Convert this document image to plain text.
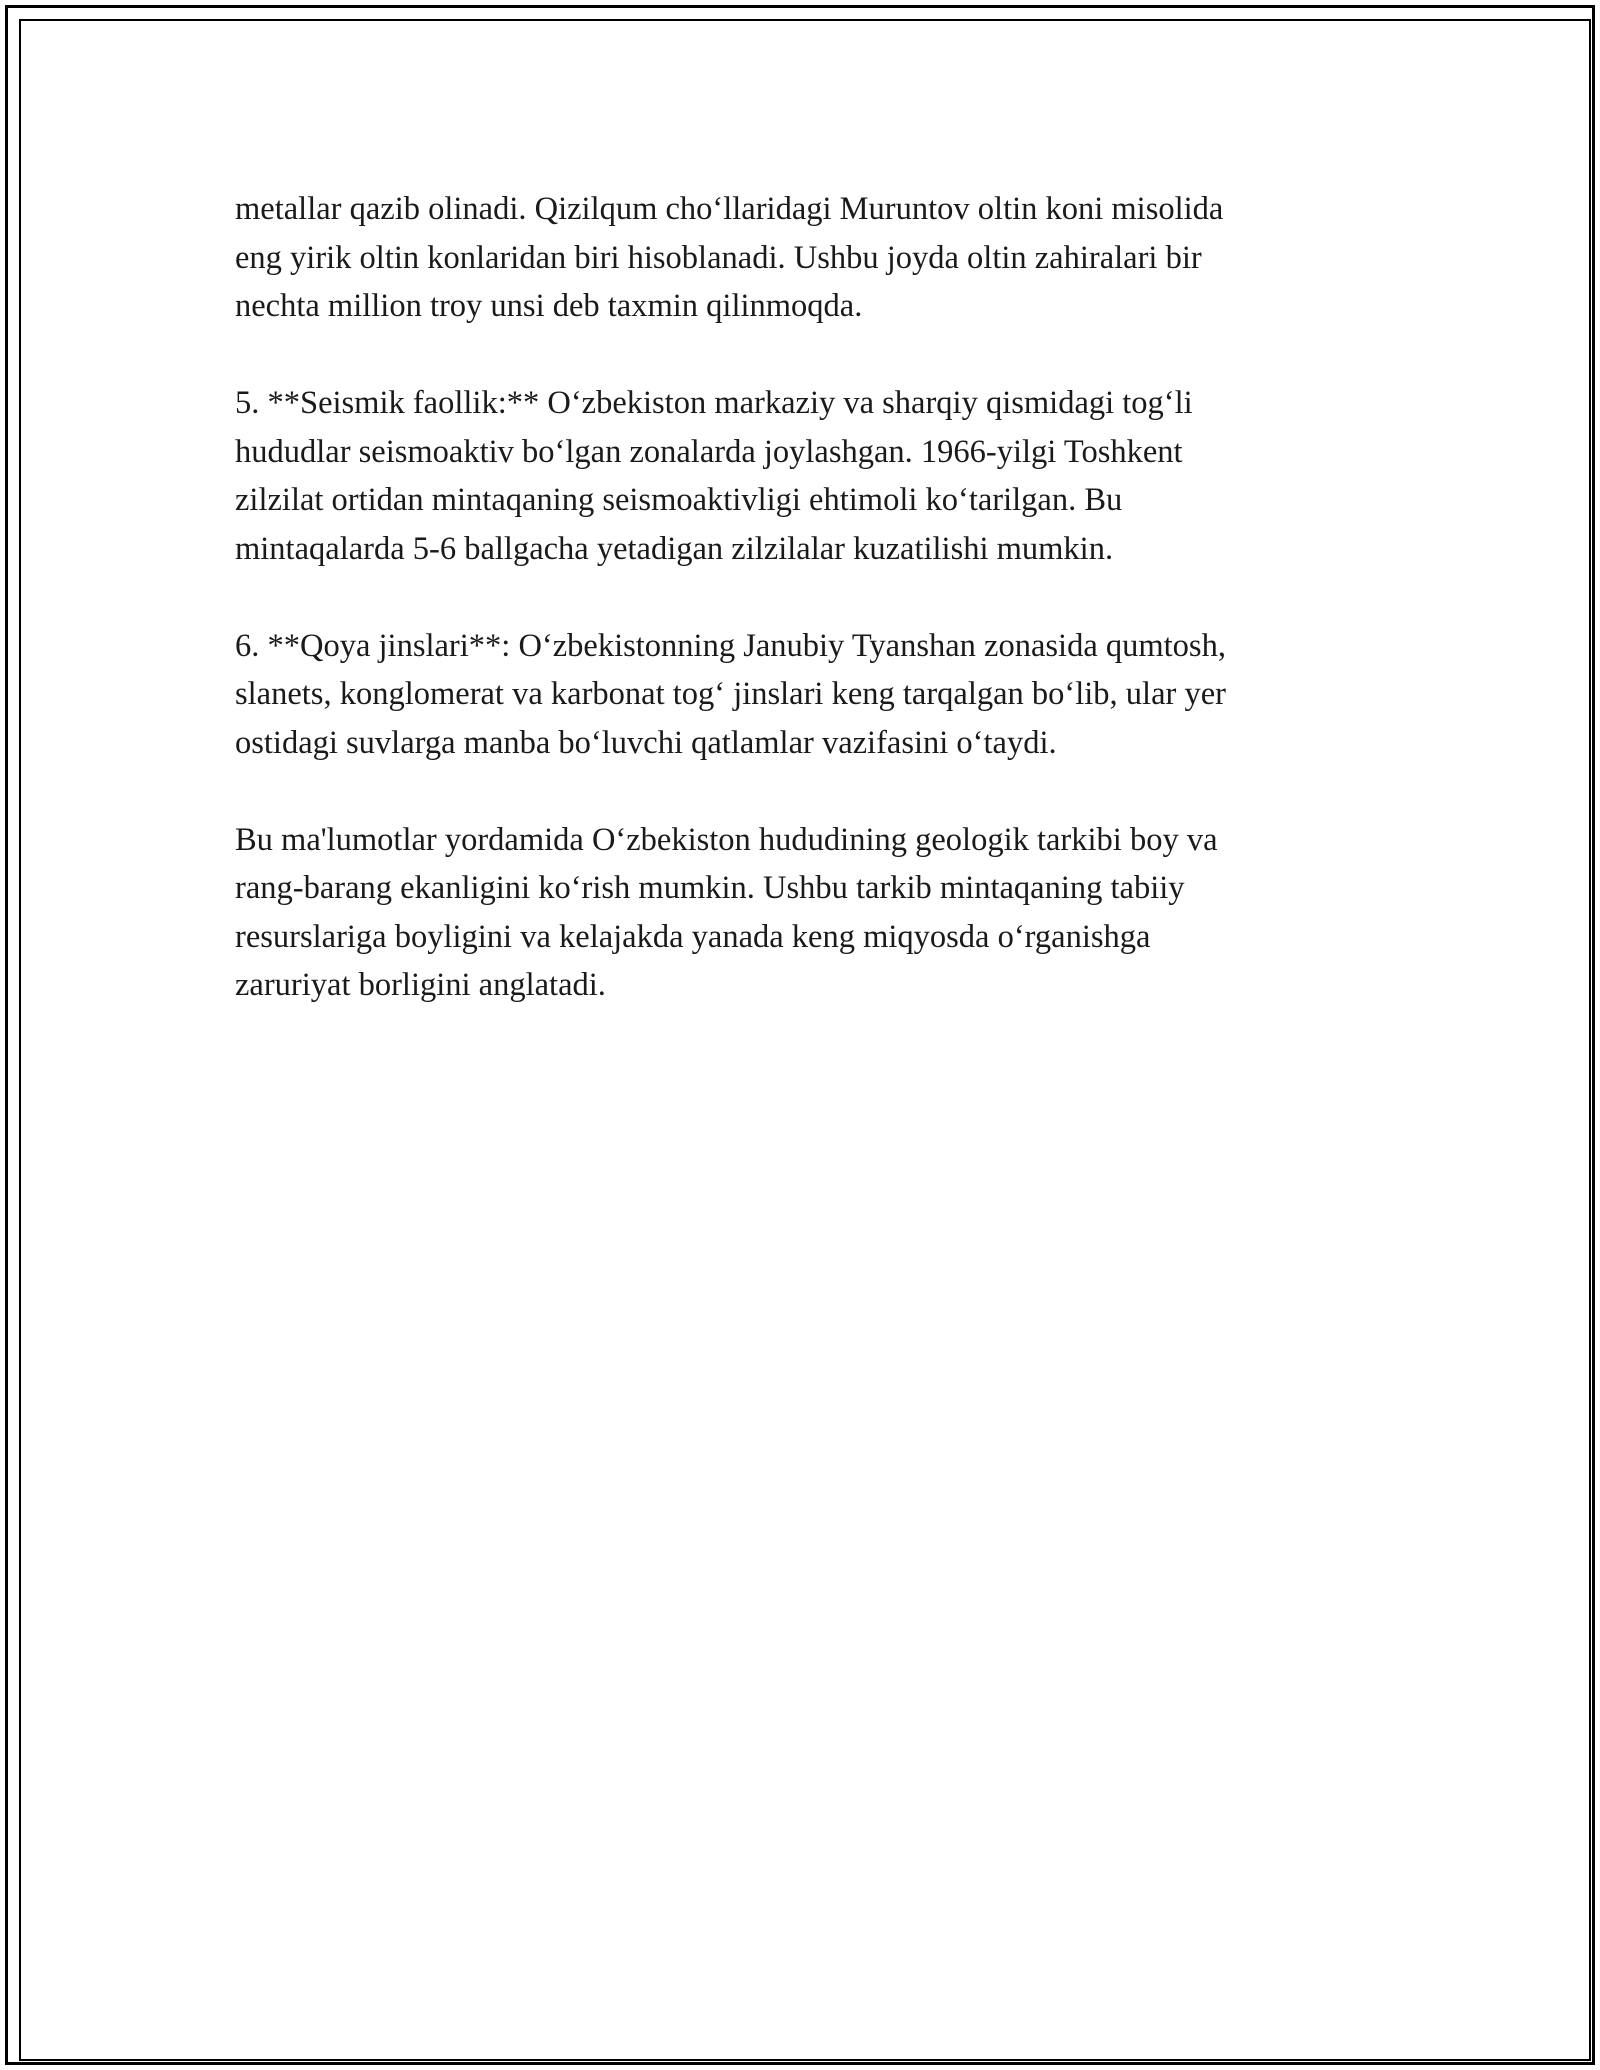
metallar qazib olinadi. Qizilqum cho‘llaridagi Muruntov oltin koni misolida
eng yirik oltin konlaridan biri hisoblanadi. Ushbu joyda oltin zahiralari bir
nechta million troy unsi deb taxmin qilinmoqda.

5. **Seismik faollik:** O‘zbekiston markaziy va sharqiy qismidagi tog‘li
hududlar seismoaktiv bo‘lgan zonalarda joylashgan. 1966-yilgi Toshkent
zilzilat ortidan mintaqaning seismoaktivligi ehtimoli ko‘tarilgan. Bu
mintaqalarda 5-6 ballgacha yetadigan zilzilalar kuzatilishi mumkin.

6. **Qoya jinslari**: O‘zbekistonning Janubiy Tyanshan zonasida qumtosh,
slanets, konglomerat va karbonat tog‘ jinslari keng tarqalgan bo‘lib, ular yer
ostidagi suvlarga manba bo‘luvchi qatlamlar vazifasini o‘taydi.

Bu ma'lumotlar yordamida O‘zbekiston hududining geologik tarkibi boy va
rang-barang ekanligini ko‘rish mumkin. Ushbu tarkib mintaqaning tabiiy
resurslariga boyligini va kelajakda yanada keng miqyosda o‘rganishga
zaruriyat borligini anglatadi.
